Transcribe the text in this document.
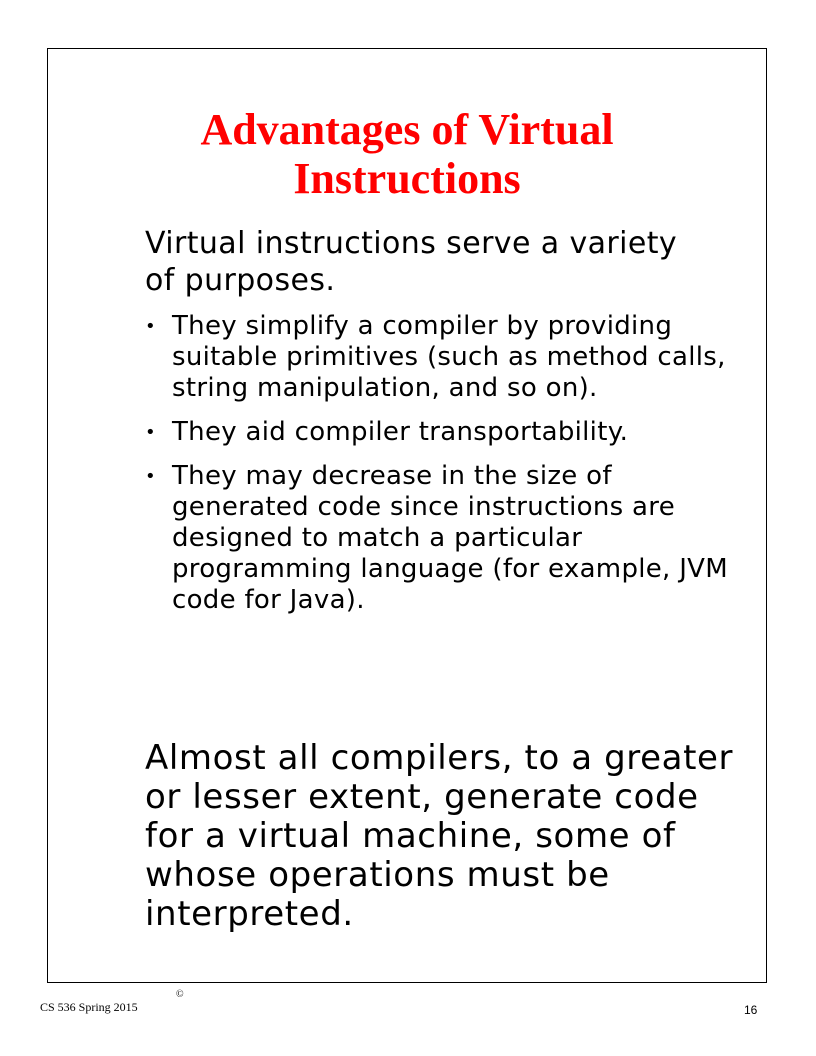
Advantages of Virtual
Instructions

Virtual instructions serve a variety of purposes.

• They simplify a compiler by providing suitable primitives (such as method calls, string manipulation, and so on).
• They aid compiler transportability.
• They may decrease in the size of generated code since instructions are designed to match a particular programming language (for example, JVM code for Java).

Almost all compilers, to a greater or lesser extent, generate code for a virtual machine, some of whose operations must be interpreted.

CS 536 Spring 2015
©
16
